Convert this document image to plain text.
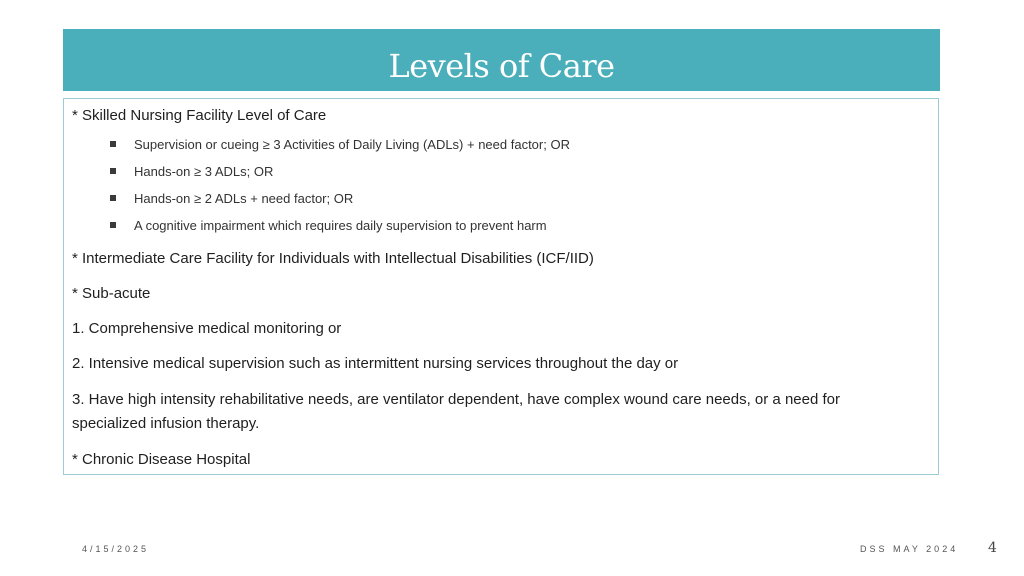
Levels of Care
* Skilled Nursing Facility Level of Care
Supervision or cueing ≥ 3 Activities of Daily Living (ADLs) + need factor; OR
Hands-on ≥ 3 ADLs; OR
Hands-on ≥ 2 ADLs + need factor; OR
A cognitive impairment which requires daily supervision to prevent harm
* Intermediate Care Facility for Individuals with Intellectual Disabilities (ICF/IID)
* Sub-acute
1. Comprehensive medical monitoring or
2. Intensive medical supervision such as intermittent nursing services throughout the day or
3. Have high intensity rehabilitative needs, are ventilator dependent, have complex wound care needs, or a need for
specialized infusion therapy.
* Chronic Disease Hospital
4/15/2025	DSS MAY 2024 4
